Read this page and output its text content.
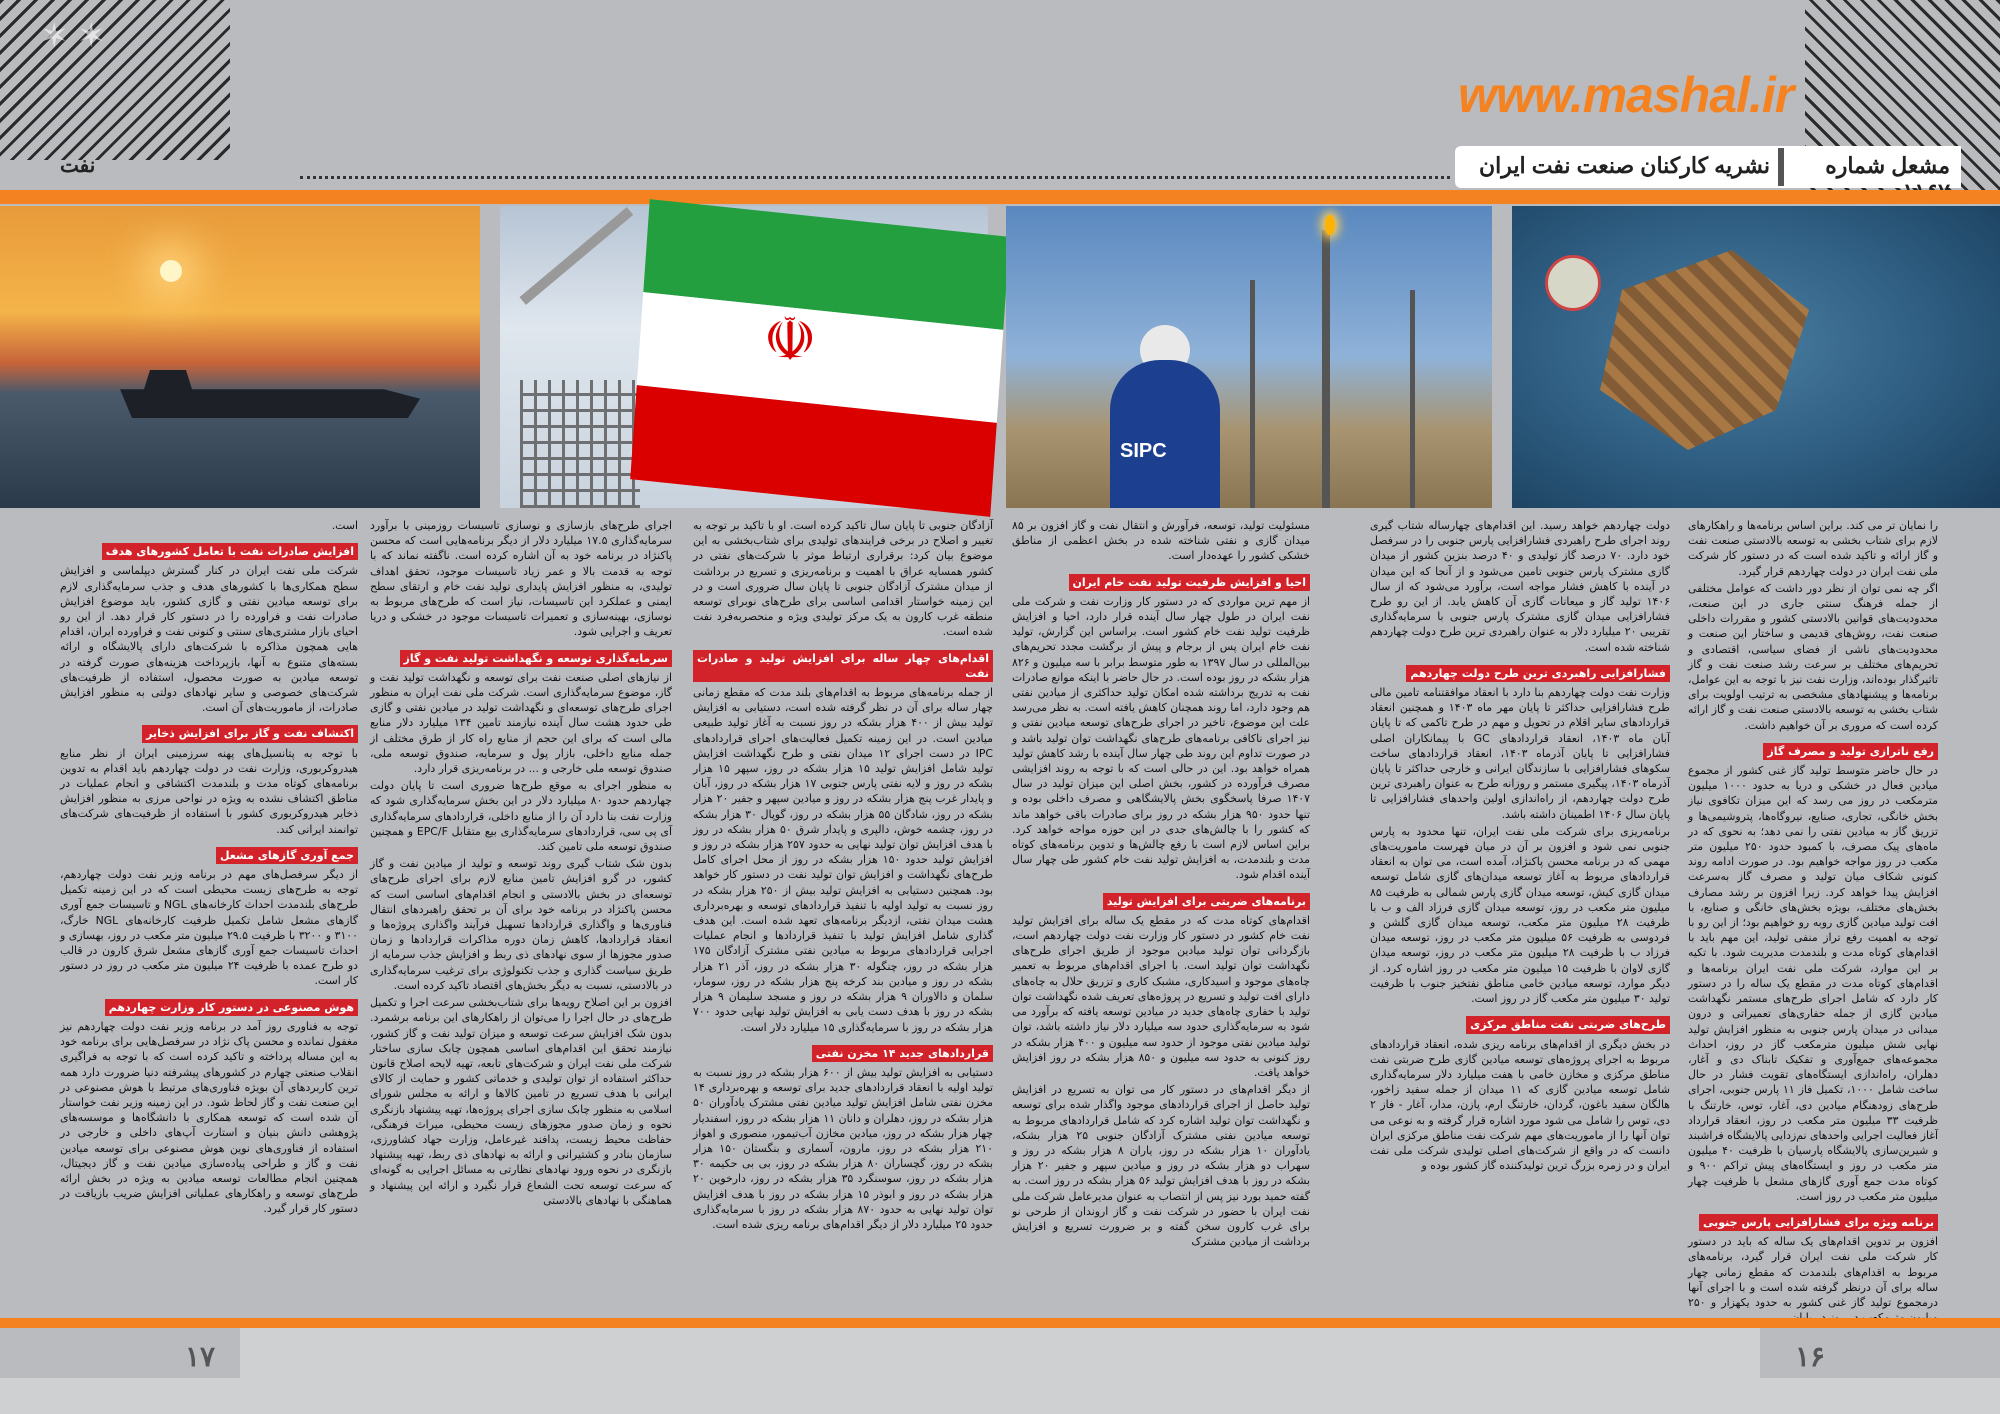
✶ ✶
www.mashal.ir
مشعل شماره
نشریه کارکنان صنعت نفت ایران
نفت
☫
SIPC

را نمایان تر می کند. براین اساس برنامه‌ها و راهکارهای لازم برای شتاب بخشی به توسعه بالادستی صنعت نفت و گاز ارائه و تاکید شده است که در دستور کار شرکت ملی نفت ایران در دولت چهاردهم قرار گیرد.

اگر چه نمی توان از نظر دور داشت که عوامل مختلفی از جمله فرهنگ سنتی جاری در این صنعت، محدودیت‌های قوانین بالادستی کشور و مقررات داخلی صنعت نفت، روش‌های قدیمی و ساختار این صنعت و محدودیت‌های ناشی از فضای سیاسی، اقتصادی و تحریم‌های مختلف بر سرعت رشد صنعت نفت و گاز تاثیرگذار بوده‌اند، وزارت نفت نیز با توجه به این عوامل، برنامه‌ها و پیشنهادهای مشخصی به ترتیب اولویت برای شتاب بخشی به توسعه بالادستی صنعت نفت و گاز ارائه کرده است که مروری بر آن خواهیم داشت.

رفع ناترازی تولید و مصرف گاز

در حال حاضر متوسط تولید گاز غنی کشور از مجموع میادین فعال در خشکی و دریا به حدود ۱۰۰۰ میلیون مترمکعب در روز می رسد که این میزان تکافوی نیاز بخش خانگی، تجاری، صنایع، نیروگاه‌ها، پتروشیمی‌ها و تزریق گاز به میادین نفتی را نمی دهد؛ به نحوی که در ماه‌های پیک مصرف، با کمبود حدود ۲۵۰ میلیون متر مکعب در روز مواجه خواهیم بود. در صورت ادامه روند کنونی شکاف میان تولید و مصرف گاز به‌سرعت افزایش پیدا خواهد کرد. زیرا افزون بر رشد مصارف بخش‌های مختلف، بویژه بخش‌های خانگی و صنایع، با افت تولید میادین گازی روبه رو خواهیم بود؛ از این رو با توجه به اهمیت رفع تراز منفی تولید، این مهم باید با اقدام‌های کوتاه مدت و بلندمدت مدیریت شود. با تکیه بر این موارد، شرکت ملی نفت ایران برنامه‌ها و اقدام‌های کوتاه مدت در مقطع یک ساله را در دستور کار دارد که شامل اجرای طرح‌های مستمر نگهداشت میادین گازی از جمله حفاری‌های تعمیراتی و درون میدانی در میدان پارس جنوبی به منظور افزایش تولید نهایی شش میلیون مترمکعب گاز در روز، احداث مجموعه‌های جمع‌آوری و تفکیک تابناک دی و آغار، دهلران، راه‌اندازی ایستگاه‌های تقویت فشار در حال ساخت شامل ۱۰۰۰، تکمیل فاز ۱۱ پارس جنوبی، اجرای طرح‌های زودهنگام میادین دی، آغار، توس، خارتنگ با ظرفیت ۳۳ میلیون متر مکعب در روز، انعقاد قرارداد آغاز فعالیت اجرایی واحدهای نم‌زدایی پالایشگاه فراشبند و شیرین‌سازی پالایشگاه پارسیان با ظرفیت ۴۰ میلیون متر مکعب در روز و ایستگاه‌های پیش تراکم ۹۰۰ و کوتاه مدت جمع آوری گازهای مشعل با ظرفیت چهار میلیون متر مکعب در روز است.

برنامه ویژه برای فشارافزایی پارس جنوبی

افزون بر تدوین اقدام‌های یک ساله که باید در دستور کار شرکت ملی نفت ایران قرار گیرد، برنامه‌های مربوط به اقدام‌های بلندمدت که مقطع زمانی چهار ساله برای آن درنظر گرفته شده است و با اجرای آنها درمجموع تولید گاز غنی کشور به حدود یکهزار و ۲۵۰

دولت چهاردهم خواهد رسید. این اقدام‌های چهارساله شتاب گیری روند اجرای طرح راهبردی فشارافزایی پارس جنوبی را در سرفصل خود دارد. ۷۰ درصد گاز تولیدی و ۴۰ درصد بنزین کشور از میدان گازی مشترک پارس جنوبی تامین می‌شود و از آنجا که این میدان در آینده با کاهش فشار مواجه است، برآورد می‌شود که از سال ۱۴۰۶ تولید گاز و میعانات گازی آن کاهش یابد. از این رو طرح فشارافزایی میدان گازی مشترک پارس جنوبی با سرمایه‌گذاری تقریبی ۲۰ میلیارد دلار به عنوان راهبردی ترین طرح دولت چهاردهم شناخته شده است.

فشارافزایی راهبردی ترین طرح دولت چهاردهم

وزارت نفت دولت چهاردهم بنا دارد با انعقاد موافقتنامه تامین مالی طرح فشارافزایی حداکثر تا پایان مهر ماه ۱۴۰۳ و همچنین انعقاد قراردادهای سایر اقلام در تحویل و مهم در طرح تاکمی که تا پایان آبان ماه ۱۴۰۳، انعقاد قراردادهای GC با پیمانکاران اصلی فشارافزایی تا پایان آذرماه ۱۴۰۳، انعقاد قراردادهای ساخت سکوهای فشارافزایی با سازندگان ایرانی و خارجی حداکثر تا پایان آذرماه ۱۴۰۳، پیگیری مستمر و روزانه طرح به عنوان راهبردی ترین طرح دولت چهاردهم، از راه‌اندازی اولین واحدهای فشارافزایی تا پایان سال ۱۴۰۶ اطمینان داشته باشد.

برنامه‌ریزی برای شرکت ملی نفت ایران، تنها محدود به پارس جنوبی نمی شود و افزون بر آن در میان فهرست ماموریت‌های مهمی که در برنامه محسن پاکنژاد، آمده است، می توان به انعقاد قراردادهای مربوط به آغاز توسعه میدان‌های گازی شامل توسعه میدان گازی کیش، توسعه میدان گازی پارس شمالی به ظرفیت ۸۵ میلیون متر مکعب در روز، توسعه میدان گازی فرزاد الف و ب با ظرفیت ۲۸ میلیون متر مکعب، توسعه میدان گازی گلشن و فردوسی به ظرفیت ۵۶ میلیون متر مکعب در روز، توسعه میدان فرزاد ب با ظرفیت ۲۸ میلیون متر مکعب در روز، توسعه میدان گازی لاوان با ظرفیت ۱۵ میلیون متر مکعب در روز اشاره کرد. از دیگر موارد، توسعه میادین خامی مناطق نفتخیز جنوب با ظرفیت تولید ۳۰ میلیون متر مکعب گاز در روز است.

طرح‌های ضربتی نفت مناطق مرکزی

در بخش دیگری از اقدام‌های برنامه ریزی شده، انعقاد قراردادهای مربوط به اجرای پروژه‌های توسعه میادین گازی طرح ضربتی نفت مناطق مرکزی و مخازن خامی با هفت میلیارد دلار سرمایه‌گذاری شامل توسعه میادین گازی که ۱۱ میدان از جمله سفید زاخور، هالگان سفید باغون، گردان، خارتنگ ارم، پازن، مدار، آغار - فاز ۲ دی، توس را شامل می شود مورد اشاره قرار گرفته و به نوعی می توان آنها را از ماموریت‌های مهم شرکت نفت مناطق مرکزی ایران دانست که در واقع از شرکت‌های اصلی تولیدی شرکت ملی نفت ایران و در زمره بزرگ ترین تولیدکننده گاز کشور بوده و

مسئولیت تولید، توسعه، فرآورش و انتقال نفت و گاز افزون بر ۸۵ میدان گازی و نفتی شناخته شده در بخش اعظمی از مناطق خشکی کشور را عهده‌دار است.

احیا و افزایش ظرفیت تولید نفت خام ایران

از مهم ترین مواردی که در دستور کار وزارت نفت و شرکت ملی نفت ایران در طول چهار سال آینده قرار دارد، احیا و افزایش ظرفیت تولید نفت خام کشور است. براساس این گزارش، تولید نفت خام ایران پس از برجام و پیش از برگشت مجدد تحریم‌های بین‌المللی در سال ۱۳۹۷ به طور متوسط برابر با سه میلیون و ۸۲۶ هزار بشکه در روز بوده است. در حال حاضر با اینکه موانع صادرات نفت به تدریج برداشته شده امکان تولید حداکثری از میادین نفتی هم وجود دارد، اما روند همچنان کاهش یافته است. به نظر می‌رسد علت این موضوع، تاخیر در اجرای طرح‌های توسعه میادین نفتی و نیز اجرای ناکافی برنامه‌های طرح‌های نگهداشت توان تولید باشد و در صورت تداوم این روند طی چهار سال آینده با رشد کاهش تولید همراه خواهد بود. این در حالی است که با توجه به روند افزایشی مصرف فرآورده در کشور، بخش اصلی این میزان تولید در سال ۱۴۰۷ صرفا پاسخگوی بخش پالایشگاهی و مصرف داخلی بوده و تنها حدود ۹۵۰ هزار بشکه در روز برای صادرات باقی خواهد ماند که کشور را با چالش‌های جدی در این حوزه مواجه خواهد کرد. براین اساس لازم است با رفع چالش‌ها و تدوین برنامه‌های کوتاه مدت و بلندمدت، به افزایش تولید نفت خام کشور طی چهار سال آینده اقدام شود.

برنامه‌های ضربتی برای افزایش تولید

اقدام‌های کوتاه مدت که در مقطع یک ساله برای افزایش تولید نفت خام کشور در دستور کار وزارت نفت دولت چهاردهم است، بازگردانی توان تولید میادین موجود از طریق اجرای طرح‌های نگهداشت توان تولید است. با اجرای اقدام‌های مربوط به تعمیر چاه‌های موجود و اسیدکاری، مشبک کاری و تزریق حلال به چاه‌های دارای افت تولید و تسریع در پروژه‌های تعریف شده نگهداشت توان تولید با حفاری چاه‌های جدید در میادین توسعه یافته که برآورد می شود به سرمایه‌گذاری حدود سه میلیارد دلار نیاز داشته باشد، توان تولید میادین نفتی موجود از حدود سه میلیون و ۴۰۰ هزار بشکه در روز کنونی به حدود سه میلیون و ۸۵۰ هزار بشکه در روز افزایش خواهد یافت.

از دیگر اقدام‌های در دستور کار می توان به تسریع در افزایش تولید حاصل از اجرای قراردادهای موجود واگذار شده برای توسعه و نگهداشت توان تولید اشاره کرد که شامل قراردادهای مربوط به توسعه میادین نفتی مشترک آزادگان جنوبی ۲۵ هزار بشکه، یادآوران ۱۰ هزار بشکه در روز، یاران ۸ هزار بشکه در روز و سهراب دو هزار بشکه در روز و میادین سپهر و جفیر ۲۰ هزار بشکه در روز با هدف افزایش تولید ۵۶ هزار بشکه در روز است. به گفته حمید بورد نیز پس از انتصاب به عنوان مدیرعامل شرکت ملی نفت ایران با حضور در شرکت نفت و گاز اروندان از طرحی نو برای غرب کارون سخن گفته و بر ضرورت تسریع و افزایش برداشت از میادین مشترک

آزادگان جنوبی تا پایان سال تاکید کرده است. او با تاکید بر توجه به تغییر و اصلاح در برخی فرایندهای تولیدی برای شتاب‌بخشی به این موضوع بیان کرد: برقراری ارتباط موثر با شرکت‌های نفتی در کشور همسایه عراق با اهمیت و برنامه‌ریزی و تسریع در برداشت از میدان مشترک آزادگان جنوبی تا پایان سال ضروری است و در این زمینه خواستار اقدامی اساسی برای طرح‌های نوبرای توسعه منطقه غرب کارون به یک مرکز تولیدی ویژه و منحصربه‌فرد نفت شده است.

اقدام‌های چهار ساله برای افزایش تولید و صادرات نفت

از جمله برنامه‌های مربوط به اقدام‌های بلند مدت که مقطع زمانی چهار ساله برای آن در نظر گرفته شده است، دستیابی به افزایش تولید بیش از ۴۰۰ هزار بشکه در روز نسبت به آغاز تولید طبیعی میادین است. در این زمینه تکمیل فعالیت‌های اجرای قراردادهای IPC در دست اجرای ۱۲ میدان نفتی و طرح نگهداشت افزایش تولید شامل افزایش تولید ۱۵ هزار بشکه در روز، سپهر ۱۵ هزار بشکه در روز و لایه نفتی پارس جنوبی ۱۷ هزار بشکه در روز، آبان و پایدار غرب پنج هزار بشکه در روز و میادین سپهر و جفیر ۲۰ هزار بشکه در روز، شادگان ۵۵ هزار بشکه در روز، گوپال ۳۰ هزار بشکه در روز، چشمه خوش، دالپری و پایدار شرق ۵۰ هزار بشکه در روز با هدف افزایش توان تولید نهایی به حدود ۲۵۷ هزار بشکه در روز و افزایش تولید حدود ۱۵۰ هزار بشکه در روز از محل اجرای کامل طرح‌های نگهداشت و افزایش توان تولید نفت در دستور کار خواهد بود. همچنین دستیابی به افزایش تولید بیش از ۲۵۰ هزار بشکه در روز نسبت به تولید اولیه با تنفیذ قراردادهای توسعه و بهره‌برداری هشت میدان نفتی، ازدیگر برنامه‌های تعهد شده است. این هدف گذاری شامل افزایش تولید با تنفیذ قراردادها و انجام عملیات اجرایی قراردادهای مربوط به میادین نفتی مشترک آزادگان ۱۷۵ هزار بشکه در روز، چنگوله ۳۰ هزار بشکه در روز، آذر ۲۱ هزار بشکه در روز و میادین بند کرخه پنج هزار بشکه در روز، سومار، سلمان و دالاوران ۹ هزار بشکه در روز و مسجد سلیمان ۹ هزار بشکه در روز با هدف دست یابی به افزایش تولید نهایی حدود ۷۰۰ هزار بشکه در روز با سرمایه‌گذاری ۱۵ میلیارد دلار است.

قراردادهای جدید ۱۴ مخزن نفتی

دستیابی به افزایش تولید بیش از ۶۰۰ هزار بشکه در روز نسبت به تولید اولیه با انعقاد قراردادهای جدید برای توسعه و بهره‌برداری ۱۴ مخزن نفتی شامل افزایش تولید میادین نفتی مشترک یادآوران ۵۰ هزار بشکه در روز، دهلران و دانان ۱۱ هزار بشکه در روز، اسفندیار چهار هزار بشکه در روز، میادین مخازن آب‌تیمور، منصوری و اهواز ۲۱۰ هزار بشکه در روز، مارون، آسماری و بنگستان ۱۵۰ هزار بشکه در روز، گچساران ۸۰ هزار بشکه در روز، بی بی حکیمه ۳۰ هزار بشکه در روز، سوسنگرد ۳۵ هزار بشکه در روز، دارخوین ۲۰ هزار بشکه در روز و ابوذر ۱۵ هزار بشکه در روز با هدف افزایش توان تولید نهایی به حدود ۸۷۰ هزار بشکه در روز با سرمایه‌گذاری حدود ۲۵ میلیارد دلار از دیگر اقدام‌های برنامه ریزی شده است.

اجرای طرح‌های بازسازی و نوسازی تاسیسات روزمینی با برآورد سرمایه‌گذاری ۱۷.۵ میلیارد دلار از دیگر برنامه‌هایی است که محسن پاکنژاد در برنامه خود به آن اشاره کرده است. ناگفته نماند که با توجه به قدمت بالا و عمر زیاد تاسیسات موجود، تحقق اهداف تولیدی، به منظور افزایش پایداری تولید نفت خام و ارتقای سطح ایمنی و عملکرد این تاسیسات، نیاز است که طرح‌های مربوط به نوسازی، بهینه‌سازی و تعمیرات تاسیسات موجود در خشکی و دریا تعریف و اجرایی شود.

سرمایه‌گذاری توسعه و نگهداشت تولید نفت و گاز

از نیازهای اصلی صنعت نفت برای توسعه و نگهداشت تولید نفت و گاز، موضوع سرمایه‌گذاری است. شرکت ملی نفت ایران به منظور اجرای طرح‌های توسعه‌ای و نگهداشت تولید در میادین نفتی و گازی طی حدود هشت سال آینده نیازمند تامین ۱۳۴ میلیارد دلار منابع مالی است که برای این حجم از منابع راه کار از طرق مختلف از جمله منابع داخلی، بازار پول و سرمایه، صندوق توسعه ملی، صندوق توسعه ملی خارجی و ... در برنامه‌ریزی قرار دارد.

به منظور اجرای به موقع طرح‌ها ضروری است تا پایان دولت چهاردهم حدود ۸۰ میلیارد دلار در این بخش سرمایه‌گذاری شود که وزارت نفت بنا دارد آن را از منابع داخلی، قراردادهای سرمایه‌گذاری آی پی سی، قراردادهای سرمایه‌گذاری بیع متقابل EPC/F و همچنین صندوق توسعه ملی تامین کند.

بدون شک شتاب گیری روند توسعه و تولید از میادین نفت و گاز کشور، در گرو افزایش تامین منابع لازم برای اجرای طرح‌های توسعه‌ای در بخش بالادستی و انجام اقدام‌های اساسی است که محسن پاکنژاد در برنامه خود برای آن بر تحقق راهبردهای انتقال فناوری‌ها و واگذاری قراردادها تسهیل فرآیند واگذاری پروژه‌ها و انعقاد قراردادها، کاهش زمان دوره مذاکرات قراردادها و زمان صدور مجوزها از سوی نهادهای ذی ربط و افزایش جذب سرمایه از طریق سیاست گذاری و جذب تکنولوژی برای ترغیب سرمایه‌گذاری در بالادستی، نسبت به دیگر بخش‌های اقتصاد تاکید کرده است.

افزون بر این اصلاح رویه‌ها برای شتاب‌بخشی سرعت اجرا و تکمیل طرح‌های در حال اجرا را می‌توان از راهکارهای این برنامه برشمرد. بدون شک افزایش سرعت توسعه و میزان تولید نفت و گاز کشور، نیازمند تحقق این اقدام‌های اساسی همچون چابک سازی ساختار شرکت ملی نفت ایران و شرکت‌های تابعه، تهیه لایحه اصلاح قانون حداکثر استفاده از توان تولیدی و خدماتی کشور و حمایت از کالای ایرانی با هدف تسریع در تامین کالاها و ارائه به مجلس شورای اسلامی به منظور چابک سازی اجرای پروژه‌ها، تهیه پیشنهاد بازنگری نحوه و زمان صدور مجوزهای زیست محیطی، میراث فرهنگی، حفاظت محیط زیست، پدافند غیرعامل، وزارت جهاد کشاورزی، سازمان بنادر و کشتیرانی و ارائه به نهادهای ذی ربط، تهیه پیشنهاد بازنگری در نحوه ورود نهادهای نظارتی به مسائل اجرایی به گونه‌ای که سرعت توسعه تحت الشعاع قرار نگیرد و ارائه این پیشنهاد و هماهنگی با نهادهای بالادستی

است.

افزایش صادرات نفت با تعامل کشورهای هدف

شرکت ملی نفت ایران در کنار گسترش دیپلماسی و افزایش سطح همکاری‌ها با کشورهای هدف و جذب سرمایه‌گذاری لازم برای توسعه میادین نفتی و گازی کشور، باید موضوع افزایش صادرات نفت و فراورده را در دستور کار قرار دهد. از این رو احیای بازار مشتری‌های سنتی و کنونی نفت و فراورده ایران، اقدام هایی همچون مذاکره با شرکت‌های دارای پالایشگاه و ارائه بسته‌های متنوع به آنها، بازپرداخت هزینه‌های صورت گرفته در توسعه میادین به صورت محصول، استفاده از ظرفیت‌های شرکت‌های خصوصی و سایر نهادهای دولتی به منظور افزایش صادرات، از ماموریت‌های آن است.

اکتشاف نفت و گاز برای افزایش ذخایر

با توجه به پتانسیل‌های پهنه سرزمینی ایران از نظر منابع هیدروکربوری، وزارت نفت در دولت چهاردهم باید اقدام به تدوین برنامه‌های کوتاه مدت و بلندمدت اکتشافی و انجام عملیات در مناطق اکتشاف نشده به ویژه در نواحی مرزی به منظور افزایش ذخایر هیدروکربوری کشور با استفاده از ظرفیت‌های شرکت‌های توانمند ایرانی کند.

جمع آوری گازهای مشعل

از دیگر سرفصل‌های مهم در برنامه وزیر نفت دولت چهاردهم، توجه به طرح‌های زیست محیطی است که در این زمینه تکمیل طرح‌های بلندمدت احداث کارخانه‌های NGL و تاسیسات جمع آوری گازهای مشعل شامل تکمیل ظرفیت کارخانه‌های NGL خارگ، ۳۱۰۰ و ۳۲۰۰ با ظرفیت ۲۹.۵ میلیون متر مکعب در روز، بهسازی و احداث تاسیسات جمع آوری گازهای مشعل شرق کارون در قالب دو طرح عمده با ظرفیت ۲۴ میلیون متر مکعب در روز در دستور کار است.

هوش مصنوعی در دستور کار وزارت چهاردهم

توجه به فناوری روز آمد در برنامه وزیر نفت دولت چهاردهم نیز مغفول نمانده و محسن پاک نژاد در سرفصل‌هایی برای برنامه خود به این مساله پرداخته و تاکید کرده است که با توجه به فراگیری انقلاب صنعتی چهارم در کشورهای پیشرفته دنیا ضرورت دارد همه ترین کاربردهای آن بویژه فناوری‌های مرتبط با هوش مصنوعی در این صنعت نفت و گاز لحاظ شود. در این زمینه وزیر نفت خواستار آن شده است که توسعه همکاری با دانشگاه‌ها و موسسه‌های پژوهشی دانش بنیان و استارت آپ‌های داخلی و خارجی در استفاده از فناوری‌های نوین هوش مصنوعی برای توسعه میادین نفت و گاز و طراحی پیاده‌سازی میادین نفت و گاز دیجیتال، همچنین انجام مطالعات توسعه میادین به ویژه در بخش ارائه طرح‌های توسعه و راهکارهای عملیاتی افزایش ضریب بازیافت در دستور کار قرار گیرد.

۱۷	۱۶
